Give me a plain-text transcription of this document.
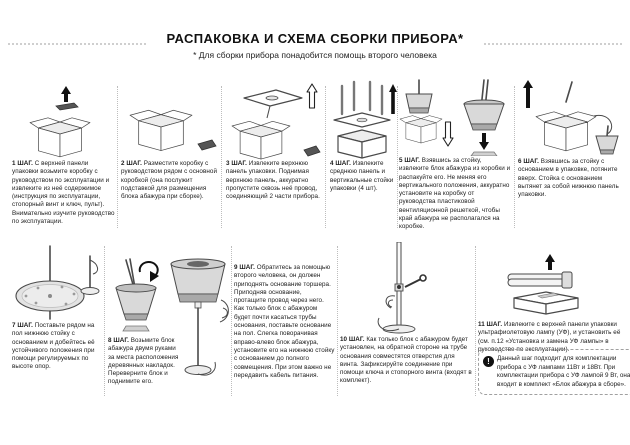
РАСПАКОВКА И СХЕМА СБОРКИ ПРИБОРА*
* Для сборки прибора понадобится помощь второго человека

1 ШАГ. С верхней панели упаковки возьмите коробку с руководством по эксплуатации и извлеките из неё содержимое (инструкция по эксплуатации, стопорный винт и ключ, пульт). Внимательно изучите руководство по эксплуатации.

2 ШАГ. Разместите коробку с руководством рядом с основной коробкой (она послужит подставкой для размещения блока абажура при сборке).

3 ШАГ. Извлеките верхнюю панель упаковки. Поднимая верхнюю панель, аккуратно пропустите сквозь неё провод, соединяющий 2 части прибора.

4 ШАГ. Извлеките среднюю панель и вертикальные стойки упаковки (4 шт).

5 ШАГ. Взявшись за стойку, извлеките блок абажура из коробки и распакуйте его. Не меняя его вертикального положения, аккуратно установите на коробку от руководства пластиковой вентиляционной решеткой, чтобы край абажура не располагался на коробке.

6 ШАГ. Взявшись за стойку с основанием в упаковке, потяните вверх. Стойка с основанием вытянет за собой нижнюю панель упаковки.

7 ШАГ. Поставьте рядом на пол нижнюю стойку с основанием и добейтесь её устойчивого положения при помощи регулируемых по высоте опор.

8 ШАГ. Возьмите блок абажура двумя руками за места расположения деревянных накладок. Переверните блок и поднимите его.

9 ШАГ. Обратитесь за помощью второго человека, он должен приподнять основание торшера. Приподняв основание, протащите провод через него. Как только блок с абажуром будет почти касаться трубы основания, поставьте основание на пол. Слегка поворачивая вправо-влево блок абажура, установите его на нижнюю стойку с основанием до полного совмещения. При этом важно не передавить кабель питания.

10 ШАГ. Как только блок с абажуром будет установлен, на обратной стороне на трубе основания совместятся отверстия для винта. Зафиксируйте соединение при помощи ключа и стопорного винта (входят в комплект).

11 ШАГ. Извлеките с верхней панели упаковки ультрафиолетовую лампу (УФ), и установить её (см. п.12 «Установка и замена УФ лампы» в руководстве по эксплуатации).

!	Данный шаг подходит для комплектации прибора с УФ лампами 11Вт и 18Вт. При комплектации прибора с УФ лампой 9 Вт, она входит в комплект «Блок абажура в сборе».
